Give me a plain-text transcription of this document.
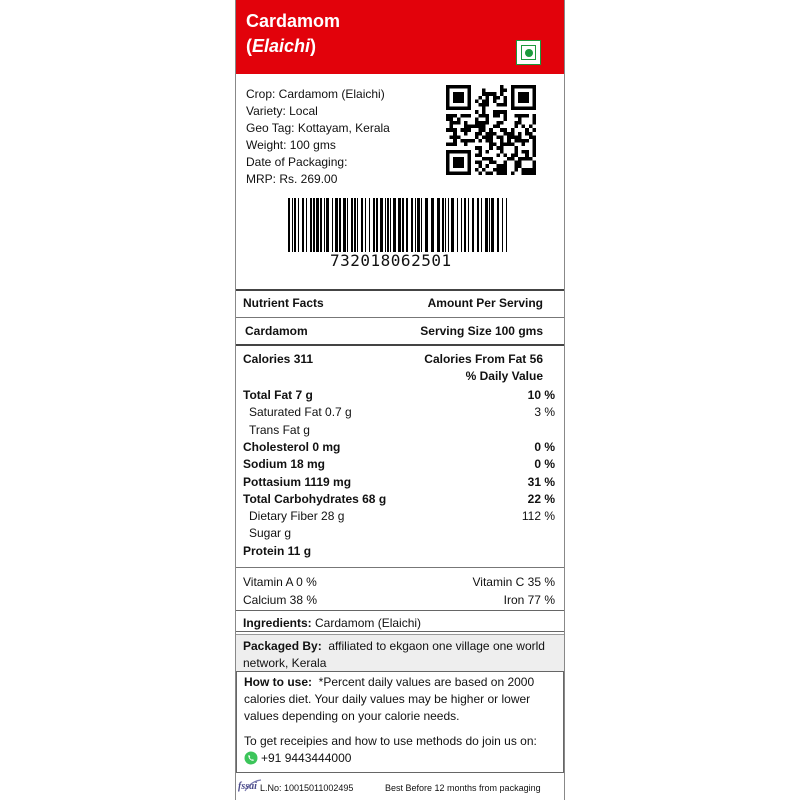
Cardamom
(Elaichi)
Crop: Cardamom (Elaichi)
Variety: Local
Geo Tag: Kottayam, Kerala
Weight: 100 gms
Date of Packaging:
MRP: Rs. 269.00
732018062501
Nutrient Facts	Amount Per Serving
Cardamom	Serving Size 100 gms
Calories 311	Calories From Fat 56
% Daily Value
Total Fat 7 g	10 %
Saturated Fat 0.7 g	3 %
Trans Fat g
Cholesterol 0 mg	0 %
Sodium 18 mg	0 %
Pottasium 1119 mg	31 %
Total Carbohydrates 68 g	22 %
Dietary Fiber 28 g	112 %
Sugar g
Protein 11 g
Vitamin A 0 %	Vitamin C 35 %
Calcium 38 %	Iron 77 %
Ingredients: Cardamom (Elaichi)
Packaged By: affiliated to ekgaon one village one world
network, Kerala
How to use: *Percent daily values are based on 2000
calories diet. Your daily values may be higher or lower
values depending on your calorie needs.
To get receipies and how to use methods do join us on:
+91 9443444000
fssai L.No: 10015011002495	Best Before 12 months from packaging
